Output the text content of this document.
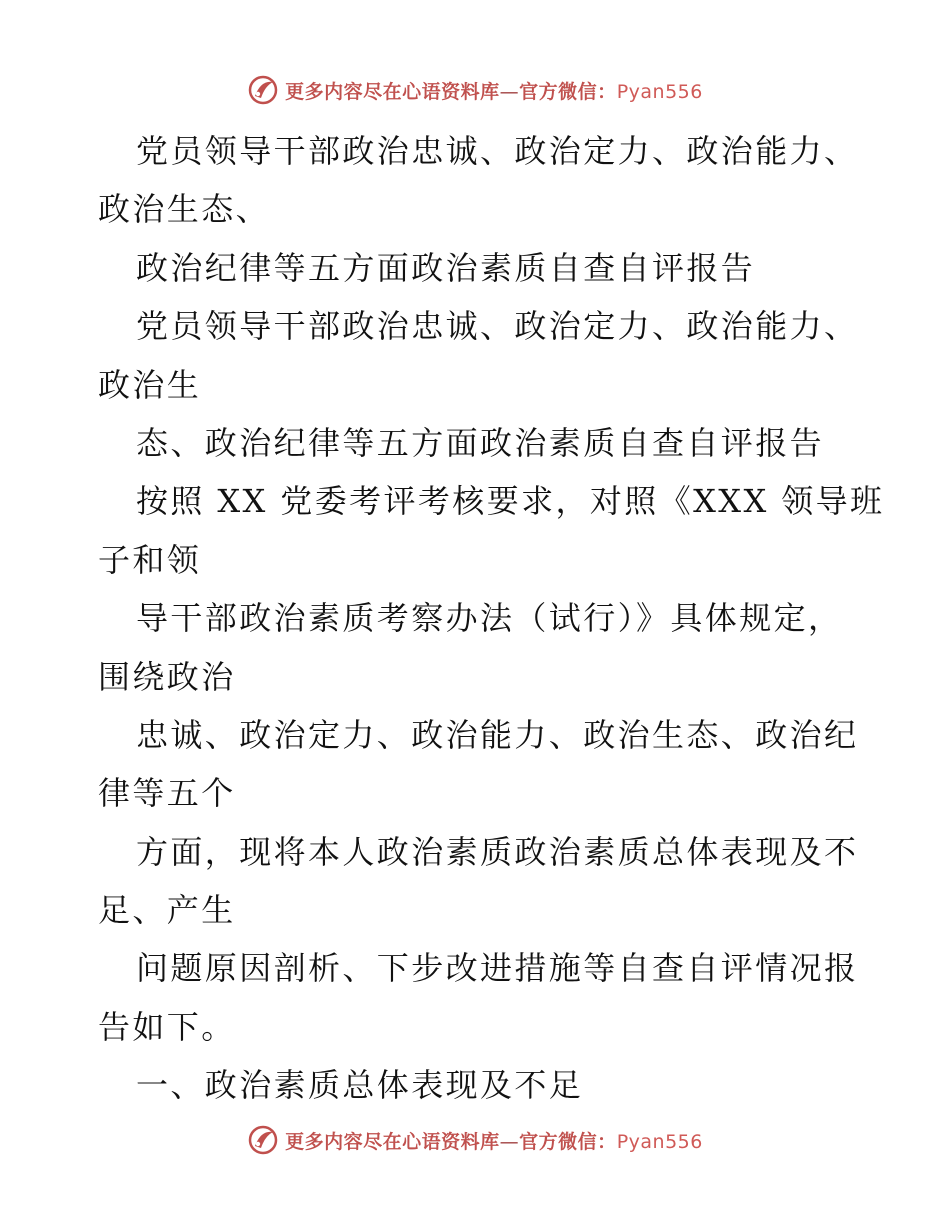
更多内容尽在心语资料库—官方微信：Pyan556
党员领导干部政治忠诚、政治定力、政治能力、
政治生态、
政治纪律等五方面政治素质自查自评报告
党员领导干部政治忠诚、政治定力、政治能力、
政治生
态、政治纪律等五方面政治素质自查自评报告
按照 XX 党委考评考核要求，对照《XXX 领导班
子和领
导干部政治素质考察办法（试行）》具体规定，
围绕政治
忠诚、政治定力、政治能力、政治生态、政治纪
律等五个
方面，现将本人政治素质政治素质总体表现及不
足、产生
问题原因剖析、下步改进措施等自查自评情况报
告如下。
一、政治素质总体表现及不足
更多内容尽在心语资料库—官方微信：Pyan556
